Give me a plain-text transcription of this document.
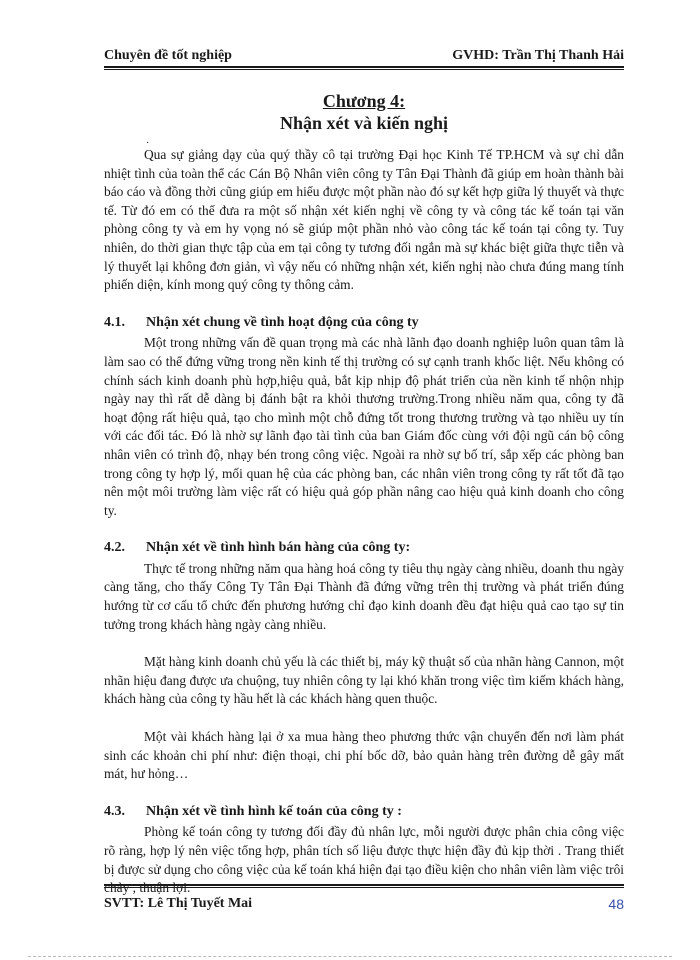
Chuyên đề tốt nghiệp	GVHD: Trần Thị Thanh Hải
Chương 4:
Nhận xét và kiến nghị
·

Qua sự giảng dạy của quý thầy cô tại trường Đại học Kinh Tế TP.HCM và sự chỉ dẫn nhiệt tình của toàn thể các Cán Bộ Nhân viên công ty Tân Đại Thành đã giúp em hoàn thành bài báo cáo và đồng thời cũng giúp em hiểu được một phần nào đó sự kết hợp giữa lý thuyết và thực tế. Từ đó em có thể đưa ra một số nhận xét kiến nghị về công ty và công tác kế toán tại văn phòng công ty và em hy vọng nó sẽ giúp một phần nhỏ vào công tác kế toán tại công ty. Tuy nhiên, do thời gian thực tập của em tại công ty tương đối ngắn mà sự khác biệt giữa thực tiễn và lý thuyết lại không đơn giản, vì vậy nếu có những nhận xét, kiến nghị nào chưa đúng mang tính phiến diện, kính mong quý công ty thông cảm.

4.1.	Nhận xét chung về tình hoạt động của công ty

Một trong những vấn đề quan trọng mà các nhà lãnh đạo doanh nghiệp luôn quan tâm là làm sao có thể đứng vững trong nền kinh tế thị trường có sự cạnh tranh khốc liệt. Nếu không có chính sách kinh doanh phù hợp,hiệu quả, bắt kịp nhịp độ phát triển của nền kinh tế nhộn nhịp ngày nay thì rất dễ dàng bị đánh bật ra khỏi thương trường.Trong nhiều năm qua, công ty đã hoạt động rất hiệu quả, tạo cho mình một chỗ đứng tốt trong thương trường và tạo nhiều uy tín với các đối tác. Đó là nhờ sự lãnh đạo tài tình của ban Giám đốc cùng với đội ngũ cán bộ công nhân viên có trình độ, nhạy bén trong công việc. Ngoài ra nhờ sự bố trí, sắp xếp các phòng ban trong công ty hợp lý, mối quan hệ của các phòng ban, các nhân viên trong công ty rất tốt đã tạo nên một môi trường làm việc rất có hiệu quả góp phần nâng cao hiệu quả kinh doanh cho công ty.

4.2.	Nhận xét về tình hình bán hàng của công ty:

Thực tế trong những năm qua hàng hoá công ty tiêu thụ ngày càng nhiều, doanh thu ngày càng tăng, cho thấy Công Ty Tân Đại Thành đã đứng vững trên thị trường và phát triển đúng hướng từ cơ cấu tổ chức đến phương hướng chỉ đạo kinh doanh đều đạt hiệu quả cao tạo sự tin tưởng trong khách hàng ngày càng nhiều.

Mặt hàng kinh doanh chủ yếu là các thiết bị, máy kỹ thuật số của nhãn hàng Cannon, một nhãn hiệu đang được ưa chuộng, tuy nhiên công ty lại khó khăn trong việc tìm kiếm khách hàng, khách hàng của công ty hầu hết là các khách hàng quen thuộc.

Một vài khách hàng lại ở xa mua hàng theo phương thức vận chuyển đến nơi làm phát sinh các khoản chi phí như: điện thoại, chi phí bốc dỡ, bảo quản hàng trên đường dễ gây mất mát, hư hỏng…

4.3.	Nhận xét về tình hình kế toán của công ty :

Phòng kế toán công ty tương đối đầy đủ nhân lực, mỗi người được phân chia công việc rõ ràng, hợp lý nên việc tổng hợp, phân tích số liệu được thực hiện đầy đủ kịp thời . Trang thiết bị được sử dụng cho công việc của kế toán khá hiện đại tạo điều kiện cho nhân viên làm việc trôi chảy , thuận lợi.

SVTT: Lê Thị Tuyết Mai	48
